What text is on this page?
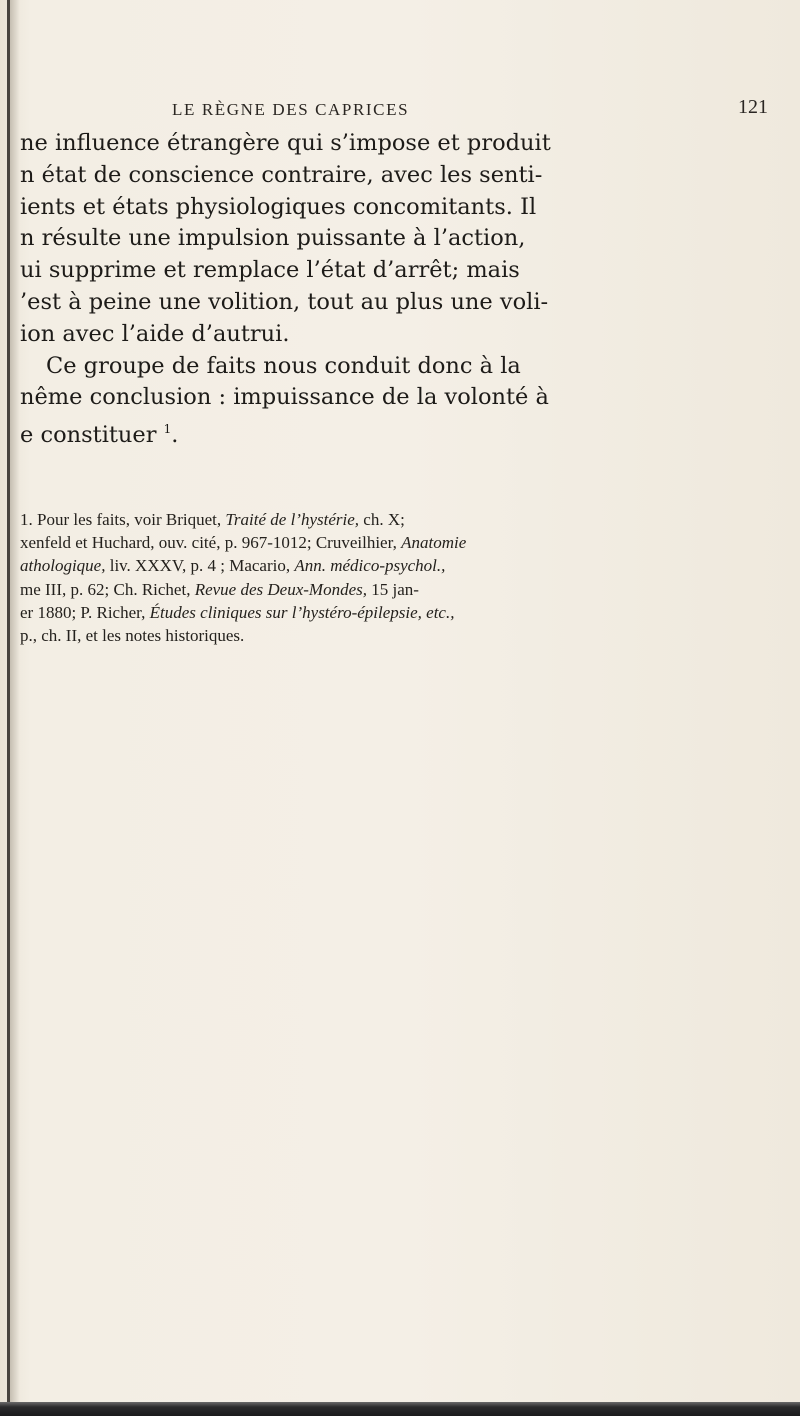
LE RÈGNE DES CAPRICES	121
ne influence étrangère qui s’impose et produit
n état de conscience contraire, avec les senti-
ients et états physiologiques concomitants. Il
n résulte une impulsion puissante à l’action,
ui supprime et remplace l’état d’arrêt; mais
’est à peine une volition, tout au plus une voli-
ion avec l’aide d’autrui.
Ce groupe de faits nous conduit donc à la
nême conclusion : impuissance de la volonté à
e constituer $^1$.
1. Pour les faits, voir Briquet, Traité de l’hystérie, ch. X;
xenfeld et Huchard, ouv. cité, p. 967-1012; Cruveilhier, Anatomie
athologique, liv. XXXV, p. 4 ; Macario, Ann. médico-psychol.,
me III, p. 62; Ch. Richet, Revue des Deux-Mondes, 15 jan-
er 1880; P. Richer, Études cliniques sur l’hystéro-épilepsie, etc.,
p., ch. II, et les notes historiques.
